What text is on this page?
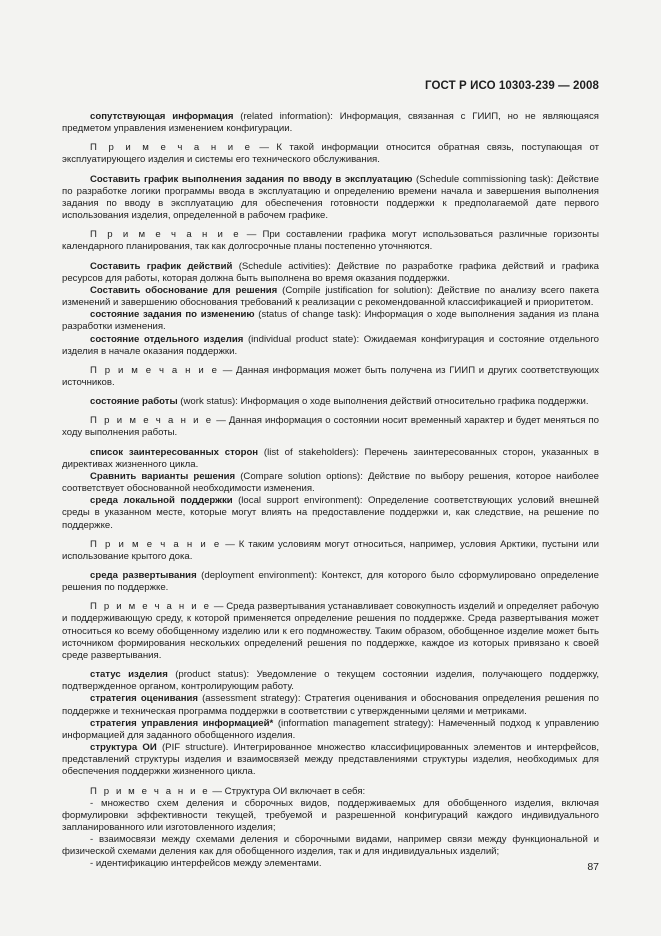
ГОСТ Р ИСО 10303-239 — 2008

сопутствующая информация (related information): Информация, связанная с ГИИП, но не являющаяся предметом управления изменением конфигурации.

П р и м е ч а н и е — К такой информации относится обратная связь, поступающая от эксплуатирующего изделия и системы его технического обслуживания.

Составить график выполнения задания по вводу в эксплуатацию (Schedule commissioning task): Действие по разработке логики программы ввода в эксплуатацию и определению времени начала и завершения выполнения задания по вводу в эксплуатацию для обеспечения готовности поддержки к предполагаемой дате первого использования изделия, определенной в рабочем графике.

П р и м е ч а н и е — При составлении графика могут использоваться различные горизонты календарного планирования, так как долгосрочные планы постепенно уточняются.

Составить график действий (Schedule activities): Действие по разработке графика действий и графика ресурсов для работы, которая должна быть выполнена во время оказания поддержки.

Составить обоснование для решения (Compile justification for solution): Действие по анализу всего пакета изменений и завершению обоснования требований к реализации с рекомендованной классификацией и приоритетом.

состояние задания по изменению (status of change task): Информация о ходе выполнения задания из плана разработки изменения.

состояние отдельного изделия (individual product state): Ожидаемая конфигурация и состояние отдельного изделия в начале оказания поддержки.

П р и м е ч а н и е — Данная информация может быть получена из ГИИП и других соответствующих источников.

состояние работы (work status): Информация о ходе выполнения действий относительно графика поддержки.

П р и м е ч а н и е — Данная информация о состоянии носит временный характер и будет меняться по ходу выполнения работы.

список заинтересованных сторон (list of stakeholders): Перечень заинтересованных сторон, указанных в директивах жизненного цикла.

Сравнить варианты решения (Compare solution options): Действие по выбору решения, которое наиболее соответствует обоснованной необходимости изменения.

среда локальной поддержки (local support environment): Определение соответствующих условий внешней среды в указанном месте, которые могут влиять на предоставление поддержки и, как следствие, на решение по поддержке.

П р и м е ч а н и е — К таким условиям могут относиться, например, условия Арктики, пустыни или использование крытого дока.

среда развертывания (deployment environment): Контекст, для которого было сформулировано определение решения по поддержке.

П р и м е ч а н и е — Среда развертывания устанавливает совокупность изделий и определяет рабочую и поддерживающую среду, к которой применяется определение решения по поддержке. Среда развертывания может относиться ко всему обобщенному изделию или к его подмножеству. Таким образом, обобщенное изделие может быть источником формирования нескольких определений решения по поддержке, каждое из которых привязано к своей среде развертывания.

статус изделия (product status): Уведомление о текущем состоянии изделия, получающего поддержку, подтвержденное органом, контролирующим работу.

стратегия оценивания (assessment strategy): Стратегия оценивания и обоснования определения решения по поддержке и техническая программа поддержки в соответствии с утвержденными целями и метриками.

стратегия управления информацией* (information management strategy): Намеченный подход к управлению информацией для заданного обобщенного изделия.

структура ОИ (PIF structure). Интегрированное множество классифицированных элементов и интерфейсов, представлений структуры изделия и взаимосвязей между представлениями структуры изделия, необходимых для обеспечения поддержки жизненного цикла.

П р и м е ч а н и е — Структура ОИ включает в себя:

- множество схем деления и сборочных видов, поддерживаемых для обобщенного изделия, включая формулировки эффективности текущей, требуемой и разрешенной конфигураций каждого индивидуального запланированного или изготовленного изделия;

- взаимосвязи между схемами деления и сборочными видами, например связи между функциональной и физической схемами деления как для обобщенного изделия, так и для индивидуальных изделий;

- идентификацию интерфейсов между элементами.	87
